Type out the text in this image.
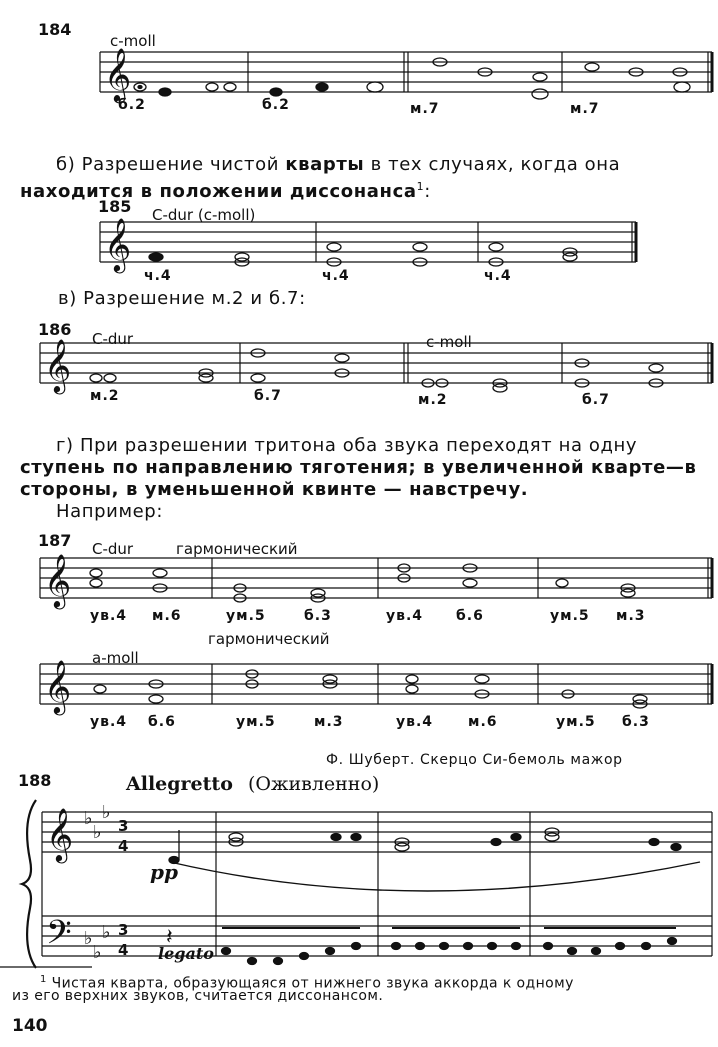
𝄞
𝄞
𝄞
𝄞
𝄞
𝄞
𝄢
♭
♭
♭
♭
♭
♭
3
4
3
4 𝄽
184
c-moll
б.2	б.2	м.7	м.7
б) Разрешение чистой кварты в тех случаях, когда она
находится в положении диссонанса$^1$:
185 C-dur (c-moll)
ч.4	ч.4	ч.4
в) Разрешение м.2 и б.7:
186 C-dur	c-moll
м.2	б.7	м.2	б.7
г) При разрешении тритона оба звука переходят на одну
ступень по направлению тяготения; в увеличенной кварте—в
стороны, в уменьшенной квинте — навстречу.
Например:
187 C-dur	гармонический
ув.4 м.6	ум.5	б.3	ув.4 б.6	ум.5 м.3
гармонический
a-moll
ув.4 б.6	ум.5	м.3	ув.4 м.6	ум.5 б.3
Ф. Шуберт. Скерцо Си-бемоль мажор
188	Allegretto (Оживленно)
pp
legato
$^1$ Чистая кварта, образующаяся от нижнего звука аккорда к одному
из его верхних звуков, считается диссонансом.
140
